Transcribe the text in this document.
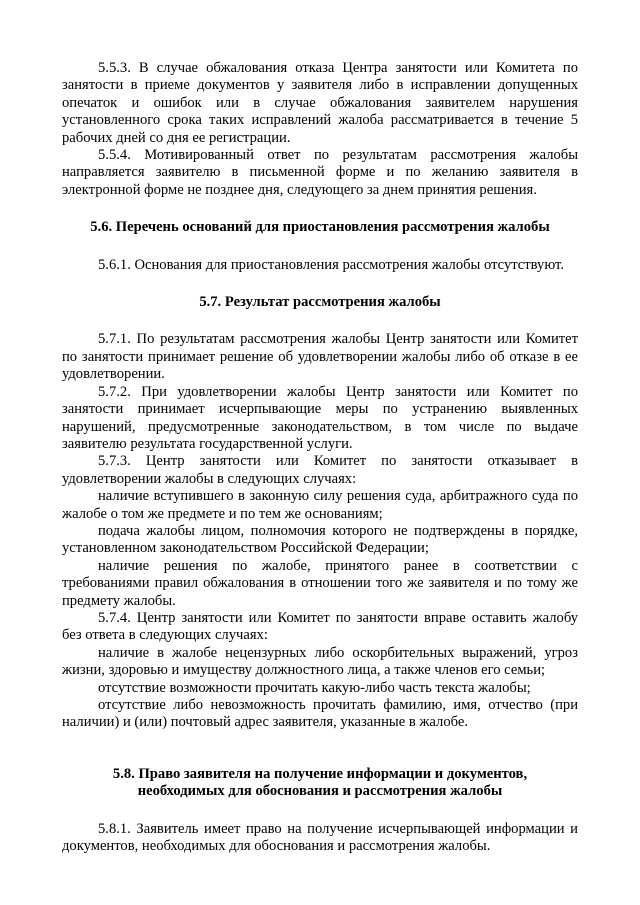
5.5.3. В случае обжалования отказа Центра занятости или Комитета по занятости в приеме документов у заявителя либо в исправлении допущенных опечаток и ошибок или в случае обжалования заявителем нарушения установленного срока таких исправлений жалоба рассматривается в течение 5 рабочих дней со дня ее регистрации.

5.5.4. Мотивированный ответ по результатам рассмотрения жалобы направляется заявителю в письменной форме и по желанию заявителя в электронной форме не позднее дня, следующего за днем принятия решения.

5.6. Перечень оснований для приостановления рассмотрения жалобы

5.6.1. Основания для приостановления рассмотрения жалобы отсутствуют.

5.7. Результат рассмотрения жалобы

5.7.1. По результатам рассмотрения жалобы Центр занятости или Комитет по занятости принимает решение об удовлетворении жалобы либо об отказе в ее удовлетворении.

5.7.2. При удовлетворении жалобы Центр занятости или Комитет по занятости принимает исчерпывающие меры по устранению выявленных нарушений, предусмотренные законодательством, в том числе по выдаче заявителю результата государственной услуги.

5.7.3. Центр занятости или Комитет по занятости отказывает в удовлетворении жалобы в следующих случаях:

наличие вступившего в законную силу решения суда, арбитражного суда по жалобе о том же предмете и по тем же основаниям;

подача жалобы лицом, полномочия которого не подтверждены в порядке, установленном законодательством Российской Федерации;

наличие решения по жалобе, принятого ранее в соответствии с требованиями правил обжалования в отношении того же заявителя и по тому же предмету жалобы.

5.7.4. Центр занятости или Комитет по занятости вправе оставить жалобу без ответа в следующих случаях:

наличие в жалобе нецензурных либо оскорбительных выражений, угроз жизни, здоровью и имуществу должностного лица, а также членов его семьи;

отсутствие возможности прочитать какую-либо часть текста жалобы;

отсутствие либо невозможность прочитать фамилию, имя, отчество (при наличии) и (или) почтовый адрес заявителя, указанные в жалобе.

5.8. Право заявителя на получение информации и документов,
необходимых для обоснования и рассмотрения жалобы

5.8.1. Заявитель имеет право на получение исчерпывающей информации и документов, необходимых для обоснования и рассмотрения жалобы.
